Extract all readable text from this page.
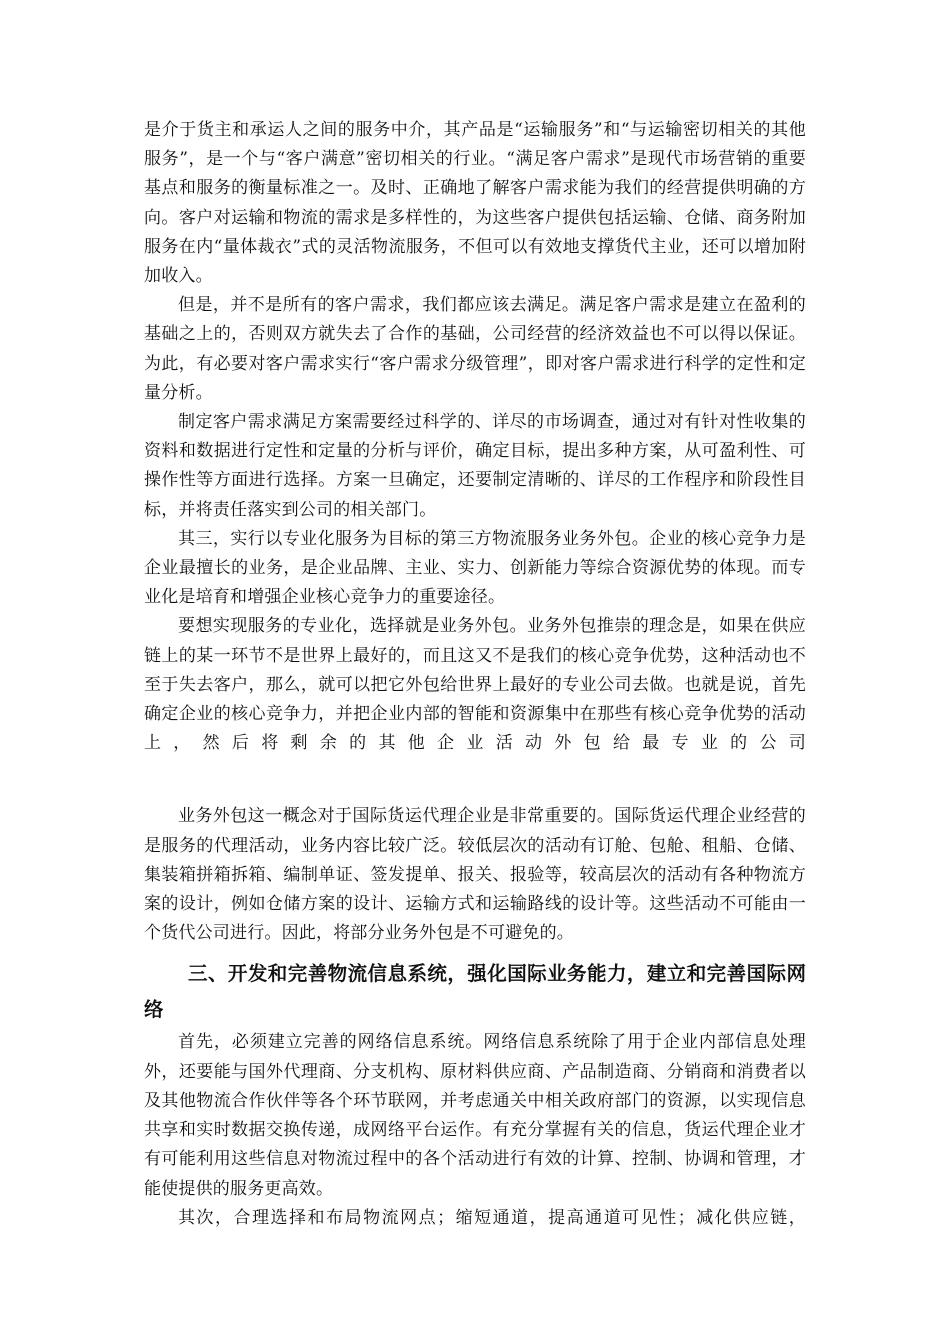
是介于货主和承运人之间的服务中介，其产品是“运输服务”和“与运输密切相关的其他服务”，是一个与“客户满意”密切相关的行业。“满足客户需求”是现代市场营销的重要基点和服务的衡量标准之一。及时、正确地了解客户需求能为我们的经营提供明确的方向。客户对运输和物流的需求是多样性的，为这些客户提供包括运输、仓储、商务附加服务在内“量体裁衣”式的灵活物流服务，不但可以有效地支撑货代主业，还可以增加附加收入。

但是，并不是所有的客户需求，我们都应该去满足。满足客户需求是建立在盈利的基础之上的，否则双方就失去了合作的基础，公司经营的经济效益也不可以得以保证。为此，有必要对客户需求实行“客户需求分级管理”，即对客户需求进行科学的定性和定量分析。

制定客户需求满足方案需要经过科学的、详尽的市场调查，通过对有针对性收集的资料和数据进行定性和定量的分析与评价，确定目标，提出多种方案，从可盈利性、可操作性等方面进行选择。方案一旦确定，还要制定清晰的、详尽的工作程序和阶段性目标，并将责任落实到公司的相关部门。

其三，实行以专业化服务为目标的第三方物流服务业务外包。企业的核心竞争力是企业最擅长的业务，是企业品牌、主业、实力、创新能力等综合资源优势的体现。而专业化是培育和增强企业核心竞争力的重要途径。

要想实现服务的专业化，选择就是业务外包。业务外包推崇的理念是，如果在供应链上的某一环节不是世界上最好的，而且这又不是我们的核心竞争优势，这种活动也不至于失去客户，那么，就可以把它外包给世界上最好的专业公司去做。也就是说，首先确定企业的核心竞争力，并把企业内部的智能和资源集中在那些有核心竞争优势的活动上，然后将剩余的其他企业活动外包给最专业的公司

业务外包这一概念对于国际货运代理企业是非常重要的。国际货运代理企业经营的是服务的代理活动，业务内容比较广泛。较低层次的活动有订舱、包舱、租船、仓储、集装箱拼箱拆箱、编制单证、签发提单、报关、报验等，较高层次的活动有各种物流方案的设计，例如仓储方案的设计、运输方式和运输路线的设计等。这些活动不可能由一个货代公司进行。因此，将部分业务外包是不可避免的。

三、开发和完善物流信息系统，强化国际业务能力，建立和完善国际网络

首先，必须建立完善的网络信息系统。网络信息系统除了用于企业内部信息处理外，还要能与国外代理商、分支机构、原材料供应商、产品制造商、分销商和消费者以及其他物流合作伙伴等各个环节联网，并考虑通关中相关政府部门的资源，以实现信息共享和实时数据交换传递，成网络平台运作。有充分掌握有关的信息，货运代理企业才有可能利用这些信息对物流过程中的各个活动进行有效的计算、控制、协调和管理，才能使提供的服务更高效。

其次，合理选择和布局物流网点；缩短通道，提高通道可见性；减化供应链，
